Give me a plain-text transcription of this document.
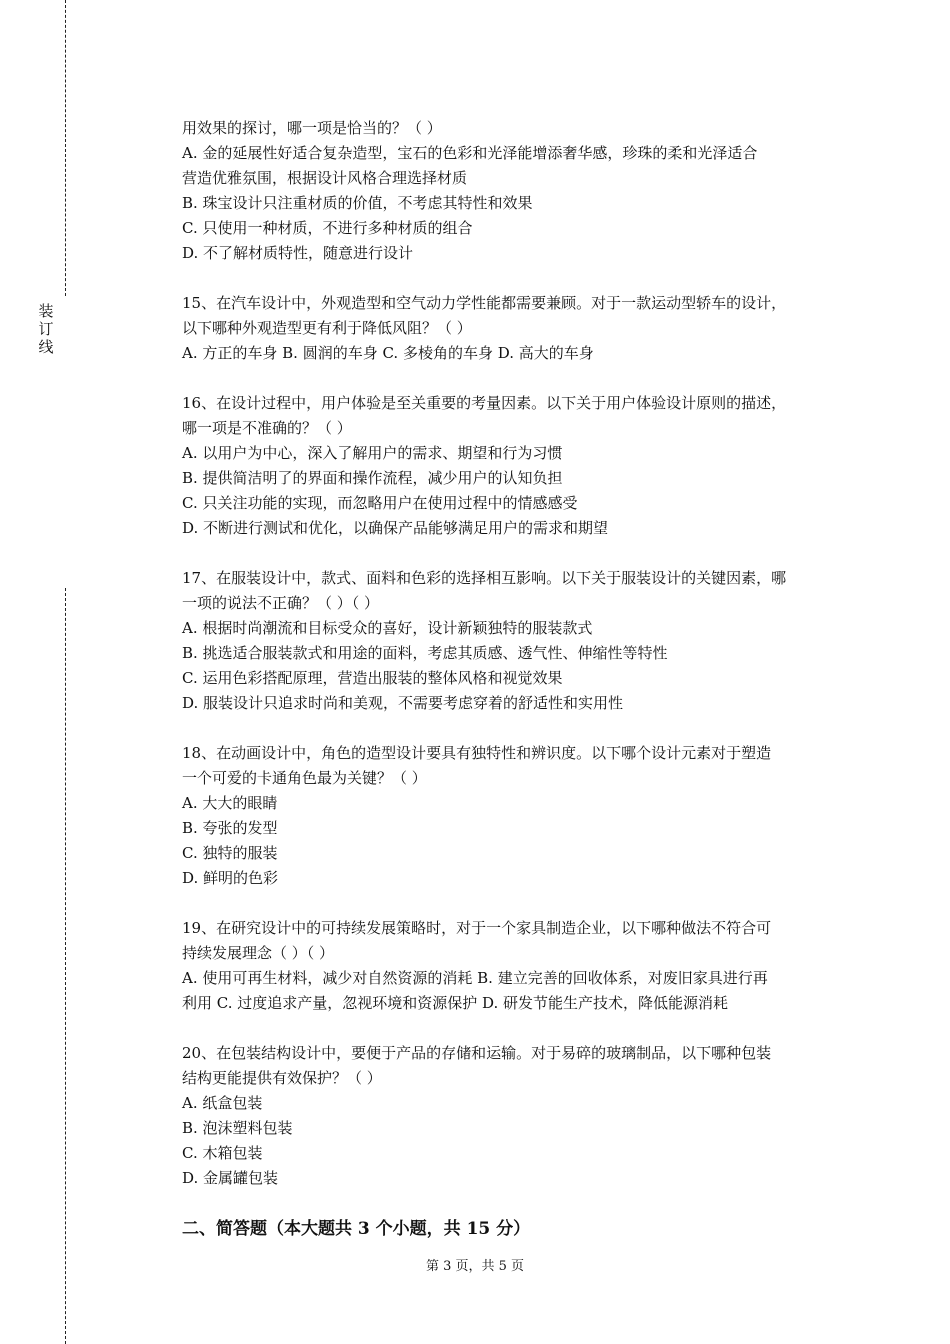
装
订
线

用效果的探讨，哪一项是恰当的？（ ）

A. 金的延展性好适合复杂造型，宝石的色彩和光泽能增添奢华感，珍珠的柔和光泽适合

营造优雅氛围，根据设计风格合理选择材质

B. 珠宝设计只注重材质的价值，不考虑其特性和效果

C. 只使用一种材质，不进行多种材质的组合

D. 不了解材质特性，随意进行设计

15、在汽车设计中，外观造型和空气动力学性能都需要兼顾。对于一款运动型轿车的设计，

以下哪种外观造型更有利于降低风阻？（ ）

A. 方正的车身 B. 圆润的车身 C. 多棱角的车身 D. 高大的车身

16、在设计过程中，用户体验是至关重要的考量因素。以下关于用户体验设计原则的描述，

哪一项是不准确的？（ ）

A. 以用户为中心，深入了解用户的需求、期望和行为习惯

B. 提供简洁明了的界面和操作流程，减少用户的认知负担

C. 只关注功能的实现，而忽略用户在使用过程中的情感感受

D. 不断进行测试和优化，以确保产品能够满足用户的需求和期望

17、在服装设计中，款式、面料和色彩的选择相互影响。以下关于服装设计的关键因素，哪

一项的说法不正确？（ ）（ ）

A. 根据时尚潮流和目标受众的喜好，设计新颖独特的服装款式

B. 挑选适合服装款式和用途的面料，考虑其质感、透气性、伸缩性等特性

C. 运用色彩搭配原理，营造出服装的整体风格和视觉效果

D. 服装设计只追求时尚和美观，不需要考虑穿着的舒适性和实用性

18、在动画设计中，角色的造型设计要具有独特性和辨识度。以下哪个设计元素对于塑造

一个可爱的卡通角色最为关键？（ ）

A. 大大的眼睛

B. 夸张的发型

C. 独特的服装

D. 鲜明的色彩

19、在研究设计中的可持续发展策略时，对于一个家具制造企业，以下哪种做法不符合可

持续发展理念（ ）（ ）

A. 使用可再生材料，减少对自然资源的消耗 B. 建立完善的回收体系，对废旧家具进行再

利用 C. 过度追求产量，忽视环境和资源保护 D. 研发节能生产技术，降低能源消耗

20、在包装结构设计中，要便于产品的存储和运输。对于易碎的玻璃制品，以下哪种包装

结构更能提供有效保护？（ ）

A. 纸盒包装

B. 泡沫塑料包装

C. 木箱包装

D. 金属罐包装

二、简答题（本大题共 3 个小题，共 15 分）

第 3 页，共 5 页
